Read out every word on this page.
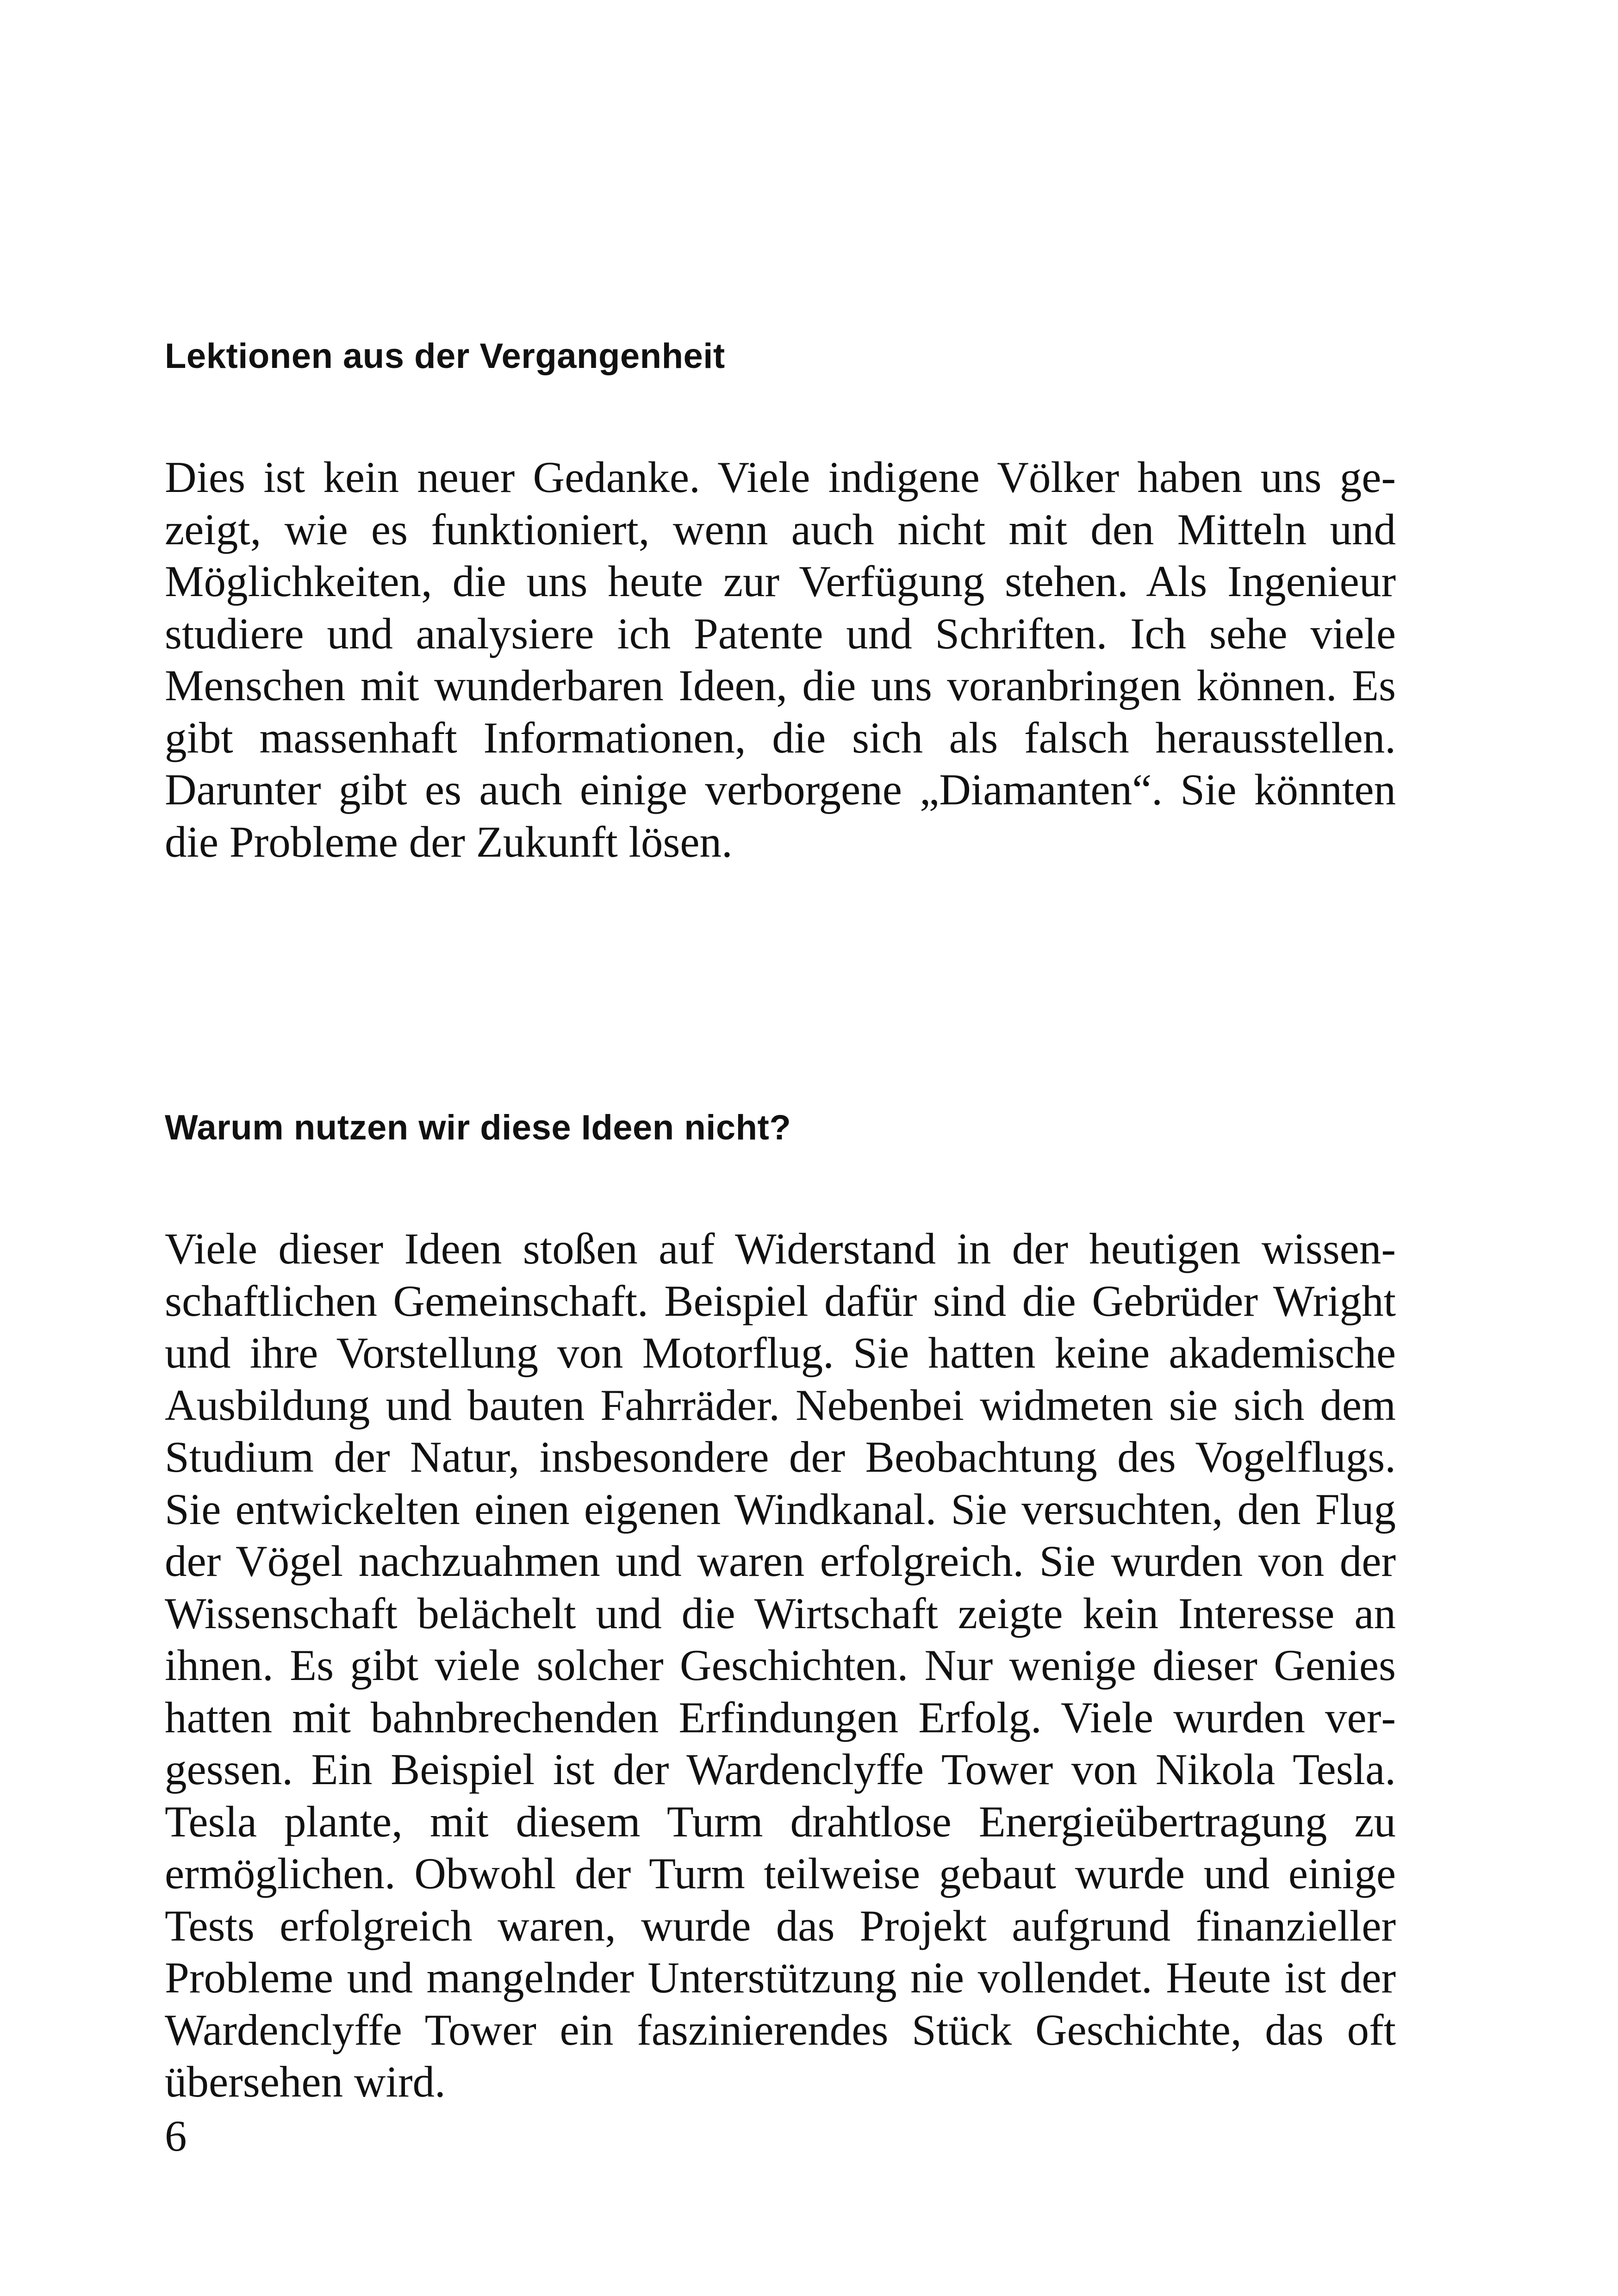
Lektionen aus der Vergangenheit

Dies ist kein neuer Gedanke. Viele indigene Völker haben uns gezeigt, wie es funktioniert, wenn auch nicht mit den Mitteln und Möglichkeiten, die uns heute zur Verfügung stehen. Als Ingenieur studiere und analysiere ich Patente und Schriften. Ich sehe viele Menschen mit wunderbaren Ideen, die uns voranbringen können. Es gibt massenhaft Informationen, die sich als falsch herausstellen. Darunter gibt es auch einige verborgene „Diamanten“. Sie könnten die Probleme der Zukunft lösen.

Warum nutzen wir diese Ideen nicht?

Viele dieser Ideen stoßen auf Widerstand in der heutigen wissenschaftlichen Gemeinschaft. Beispiel dafür sind die Gebrüder Wright und ihre Vorstellung von Motorflug. Sie hatten keine akademische Ausbildung und bauten Fahrräder. Nebenbei widmeten sie sich dem Studium der Natur, insbesondere der Beobachtung des Vogelflugs. Sie entwickelten einen eigenen Windkanal. Sie versuchten, den Flug der Vögel nachzuahmen und waren erfolgreich. Sie wurden von der Wissenschaft belächelt und die Wirtschaft zeigte kein Interesse an ihnen. Es gibt viele solcher Geschichten. Nur wenige dieser Genies hatten mit bahnbrechenden Erfindungen Erfolg. Viele wurden vergessen. Ein Beispiel ist der Wardenclyffe Tower von Nikola Tesla. Tesla plante, mit diesem Turm drahtlose Energieübertragung zu ermöglichen. Obwohl der Turm teilweise gebaut wurde und einige Tests erfolgreich waren, wurde das Projekt aufgrund finanzieller Probleme und mangelnder Unterstützung nie vollendet. Heute ist der Wardenclyffe Tower ein faszinierendes Stück Geschichte, das oft übersehen wird.

6
